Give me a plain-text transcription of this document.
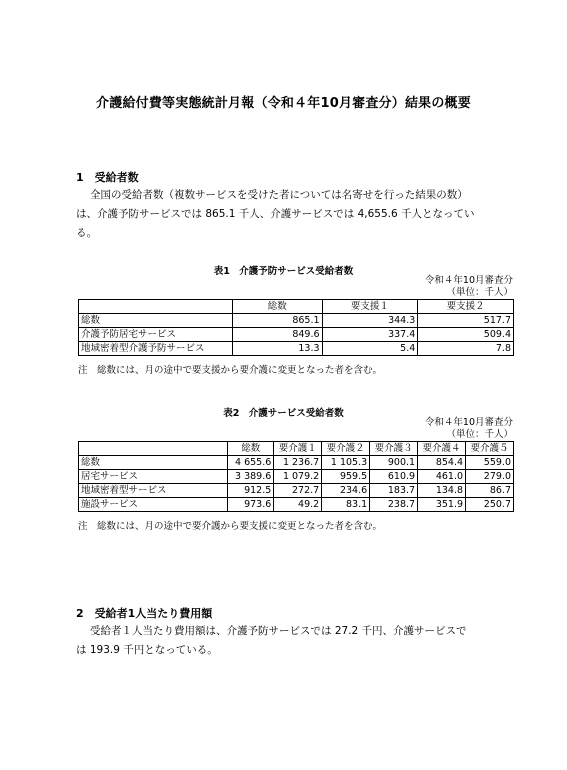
介護給付費等実態統計月報（令和４年10月審査分）結果の概要
1　受給者数
全国の受給者数（複数サービスを受けた者については名寄せを行った結果の数）
は、介護予防サービスでは 865.1 千人、介護サービスでは 4,655.6 千人となってい
る。
表1　介護予防サービス受給者数
令和４年10月審査分
（単位：千人）
	総数	要支援１	要支援２
総数	865.1	344.3	517.7
介護予防居宅サービス	849.6	337.4	509.4
地域密着型介護予防サービス	13.3	5.4	7.8
注　総数には、月の途中で要支援から要介護に変更となった者を含む。
表2　介護サービス受給者数
令和４年10月審査分
（単位：千人）
	総数	要介護１	要介護２	要介護３	要介護４	要介護５
総数	4 655.6	1 236.7	1 105.3	900.1	854.4	559.0
居宅サービス	3 389.6	1 079.2	959.5	610.9	461.0	279.0
地域密着型サービス	912.5	272.7	234.6	183.7	134.8	86.7
施設サービス	973.6	49.2	83.1	238.7	351.9	250.7
注　総数には、月の途中で要介護から要支援に変更となった者を含む。
2　受給者1人当たり費用額
受給者１人当たり費用額は、介護予防サービスでは 27.2 千円、介護サービスで
は 193.9 千円となっている。
